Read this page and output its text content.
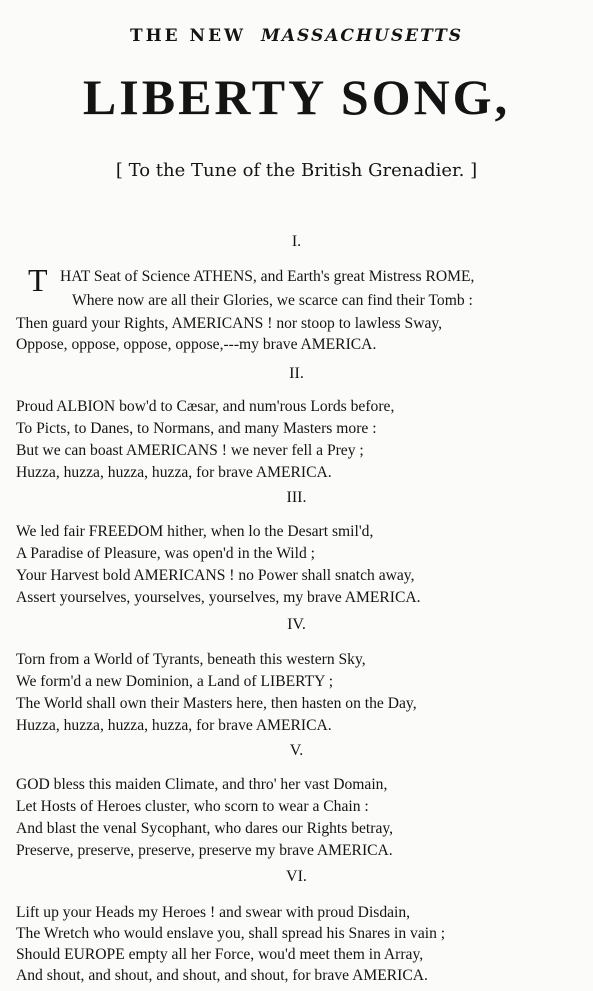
THE NEW MASSACHUSETTS
LIBERTY SONG,
[ To the Tune of the British Grenadier. ]
I.
T HAT Seat of Science ATHENS, and Earth's great Mistress ROME,
Where now are all their Glories, we scarce can find their Tomb :
Then guard your Rights, AMERICANS ! nor stoop to lawless Sway,
Oppose, oppose, oppose, oppose,---my brave AMERICA.
II.
Proud ALBION bow'd to Cæsar, and num'rous Lords before,
To Picts, to Danes, to Normans, and many Masters more :
But we can boast AMERICANS ! we never fell a Prey ;
Huzza, huzza, huzza, huzza, for brave AMERICA.
III.
We led fair FREEDOM hither, when lo the Desart smil'd,
A Paradise of Pleasure, was open'd in the Wild ;
Your Harvest bold AMERICANS ! no Power shall snatch away,
Assert yourselves, yourselves, yourselves, my brave AMERICA.
IV.
Torn from a World of Tyrants, beneath this western Sky,
We form'd a new Dominion, a Land of LIBERTY ;
The World shall own their Masters here, then hasten on the Day,
Huzza, huzza, huzza, huzza, for brave AMERICA.
V.
GOD bless this maiden Climate, and thro' her vast Domain,
Let Hosts of Heroes cluster, who scorn to wear a Chain :
And blast the venal Sycophant, who dares our Rights betray,
Preserve, preserve, preserve, preserve my brave AMERICA.
VI.
Lift up your Heads my Heroes ! and swear with proud Disdain,
The Wretch who would enslave you, shall spread his Snares in vain ;
Should EUROPE empty all her Force, wou'd meet them in Array,
And shout, and shout, and shout, and shout, for brave AMERICA.
